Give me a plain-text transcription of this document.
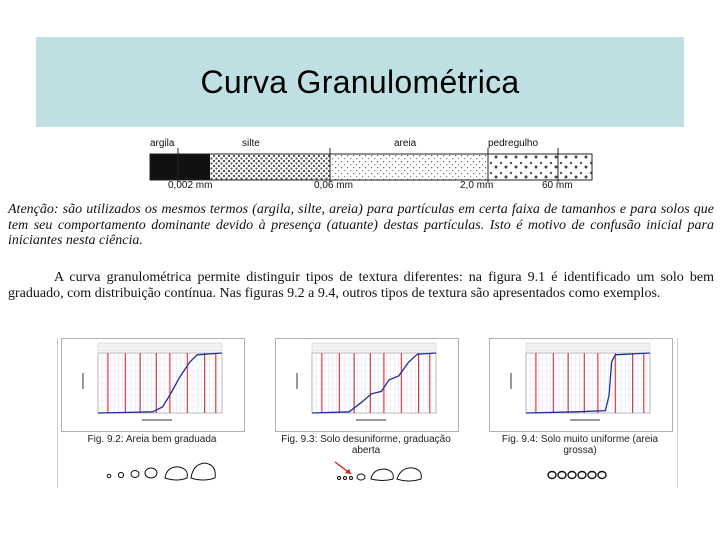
Curva Granulométrica
argila	silte	areia	pedregulho
0,002 mm	0,06 mm	2,0 mm	60 mm

Atenção: são utilizados os mesmos termos (argila, silte, areia) para partículas em certa faixa de tamanhos e para solos que tem seu comportamento dominante devido à presença (atuante) destas partículas. Isto é motivo de confusão inicial para iniciantes nesta ciência.

A curva granulométrica permite distinguir tipos de textura diferentes: na figura 9.1 é identificado um solo bem graduado, com distribuição contínua. Nas figuras 9.2 a 9.4, outros tipos de textura são apresentados como exemplos.

Fig. 9.2: Areia bem graduada	Fig. 9.3: Solo desuniforme, graduação aberta
Fig. 9.4: Solo muito uniforme (areia grossa)
